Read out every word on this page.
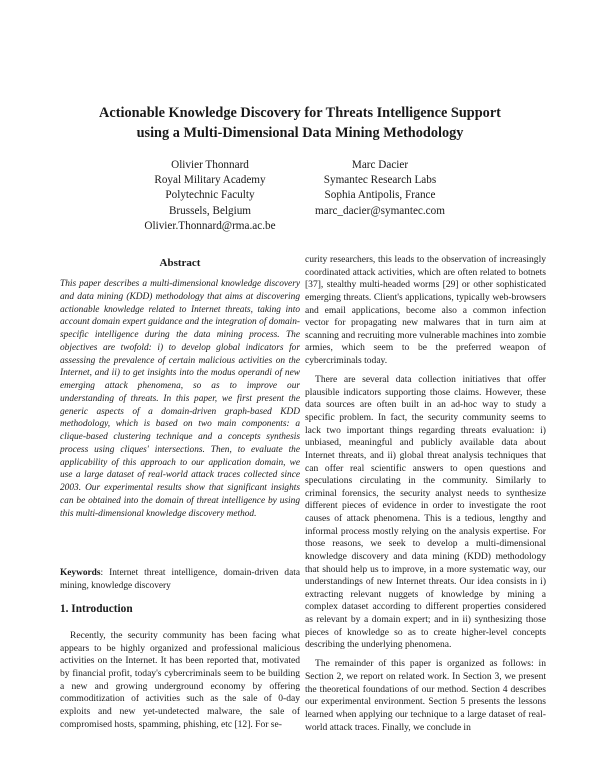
Actionable Knowledge Discovery for Threats Intelligence Support
using a Multi-Dimensional Data Mining Methodology
Olivier Thonnard
Royal Military Academy
Polytechnic Faculty
Brussels, Belgium
Olivier.Thonnard@rma.ac.be
Marc Dacier
Symantec Research Labs
Sophia Antipolis, France
marc_dacier@symantec.com
Abstract
This paper describes a multi-dimensional knowledge discovery and data mining (KDD) methodology that aims at discovering actionable knowledge related to Internet threats, taking into account domain expert guidance and the integration of domain-specific intelligence during the data mining process. The objectives are twofold: i) to develop global indicators for assessing the prevalence of certain malicious activities on the Internet, and ii) to get insights into the modus operandi of new emerging attack phenomena, so as to improve our understanding of threats. In this paper, we first present the generic aspects of a domain-driven graph-based KDD methodology, which is based on two main components: a clique-based clustering technique and a concepts synthesis process using cliques' intersections. Then, to evaluate the applicability of this approach to our application domain, we use a large dataset of real-world attack traces collected since 2003. Our experimental results show that significant insights can be obtained into the domain of threat intelligence by using this multi-dimensional knowledge discovery method.
Keywords: Internet threat intelligence, domain-driven data mining, knowledge discovery
1. Introduction
Recently, the security community has been facing what appears to be highly organized and professional malicious activities on the Internet. It has been reported that, motivated by financial profit, today's cybercriminals seem to be building a new and growing underground economy by offering commoditization of activities such as the sale of 0-day exploits and new yet-undetected malware, the sale of compromised hosts, spamming, phishing, etc [12]. For se-

curity researchers, this leads to the observation of increasingly coordinated attack activities, which are often related to botnets [37], stealthy multi-headed worms [29] or other sophisticated emerging threats. Client's applications, typically web-browsers and email applications, become also a common infection vector for propagating new malwares that in turn aim at scanning and recruiting more vulnerable machines into zombie armies, which seem to be the preferred weapon of cybercriminals today.

There are several data collection initiatives that offer plausible indicators supporting those claims. However, these data sources are often built in an ad-hoc way to study a specific problem. In fact, the security community seems to lack two important things regarding threats evaluation: i) unbiased, meaningful and publicly available data about Internet threats, and ii) global threat analysis techniques that can offer real scientific answers to open questions and speculations circulating in the community. Similarly to criminal forensics, the security analyst needs to synthesize different pieces of evidence in order to investigate the root causes of attack phenomena. This is a tedious, lengthy and informal process mostly relying on the analysis expertise. For those reasons, we seek to develop a multi-dimensional knowledge discovery and data mining (KDD) methodology that should help us to improve, in a more systematic way, our understandings of new Internet threats. Our idea consists in i) extracting relevant nuggets of knowledge by mining a complex dataset according to different properties considered as relevant by a domain expert; and in ii) synthesizing those pieces of knowledge so as to create higher-level concepts describing the underlying phenomena.

The remainder of this paper is organized as follows: in Section 2, we report on related work. In Section 3, we present the theoretical foundations of our method. Section 4 describes our experimental environment. Section 5 presents the lessons learned when applying our technique to a large dataset of real-world attack traces. Finally, we conclude in
